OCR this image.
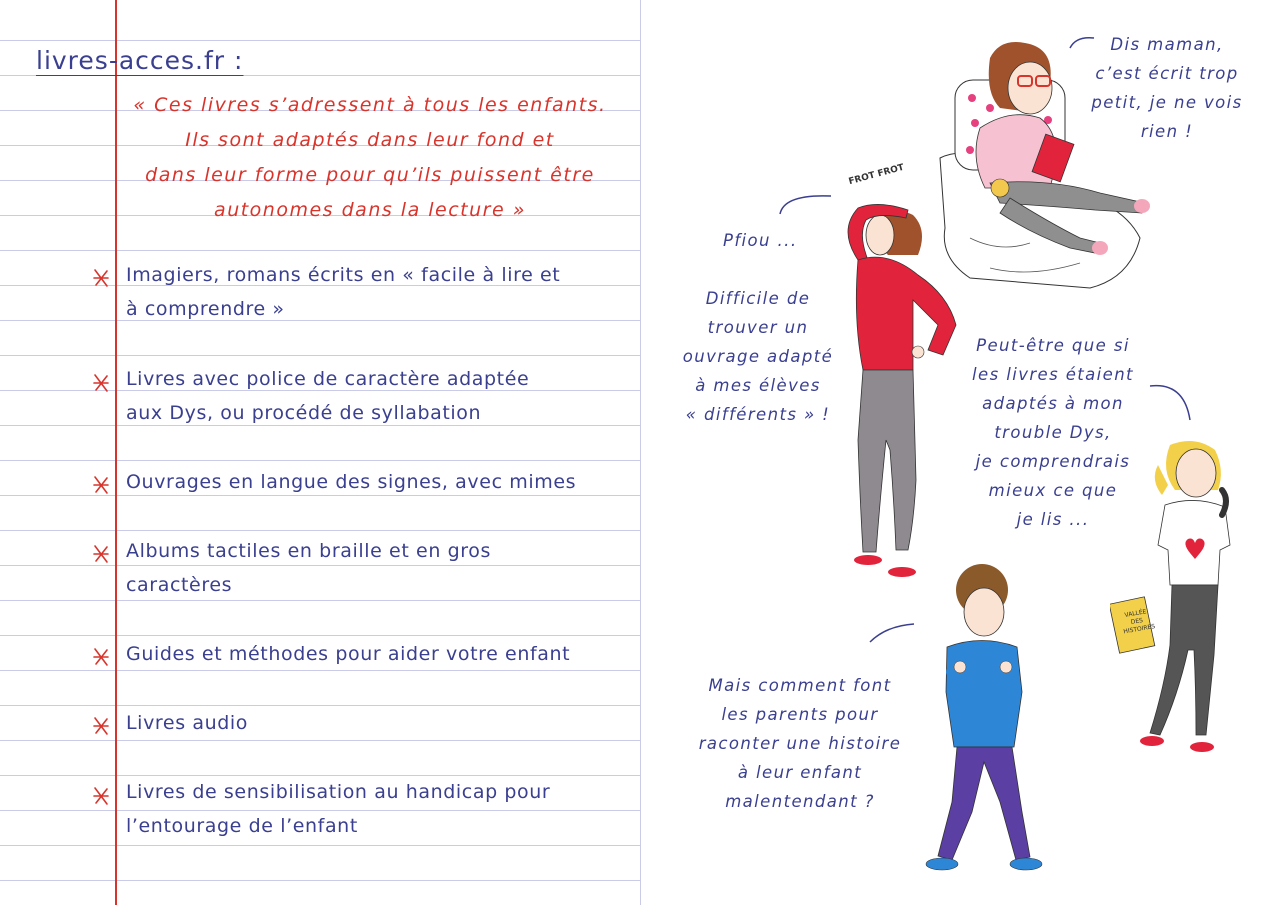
livres-acces.fr :
« Ces livres s’adressent à tous les enfants.
Ils sont adaptés dans leur fond et
dans leur forme pour qu’ils puissent être
autonomes dans la lecture »
Imagiers, romans écrits en « facile à lire et
à comprendre »
Livres avec police de caractère adaptée
aux Dys, ou procédé de syllabation
Ouvrages en langue des signes, avec mimes
Albums tactiles en braille et en gros
caractères
Guides et méthodes pour aider votre enfant
Livres audio
Livres de sensibilisation au handicap pour
l’entourage de l’enfant
Dis maman,
c’est écrit trop
petit, je ne vois
rien !
Pfiou ...
Difficile de
trouver un
ouvrage adapté
à mes élèves
« différents » !
FROT FROT
Peut-être que si
les livres étaient
adaptés à mon
trouble Dys,
je comprendrais
mieux ce que
je lis ...
VALLÉE DES HISTOIRES
Mais comment font
les parents pour
raconter une histoire
à leur enfant
malentendant ?
